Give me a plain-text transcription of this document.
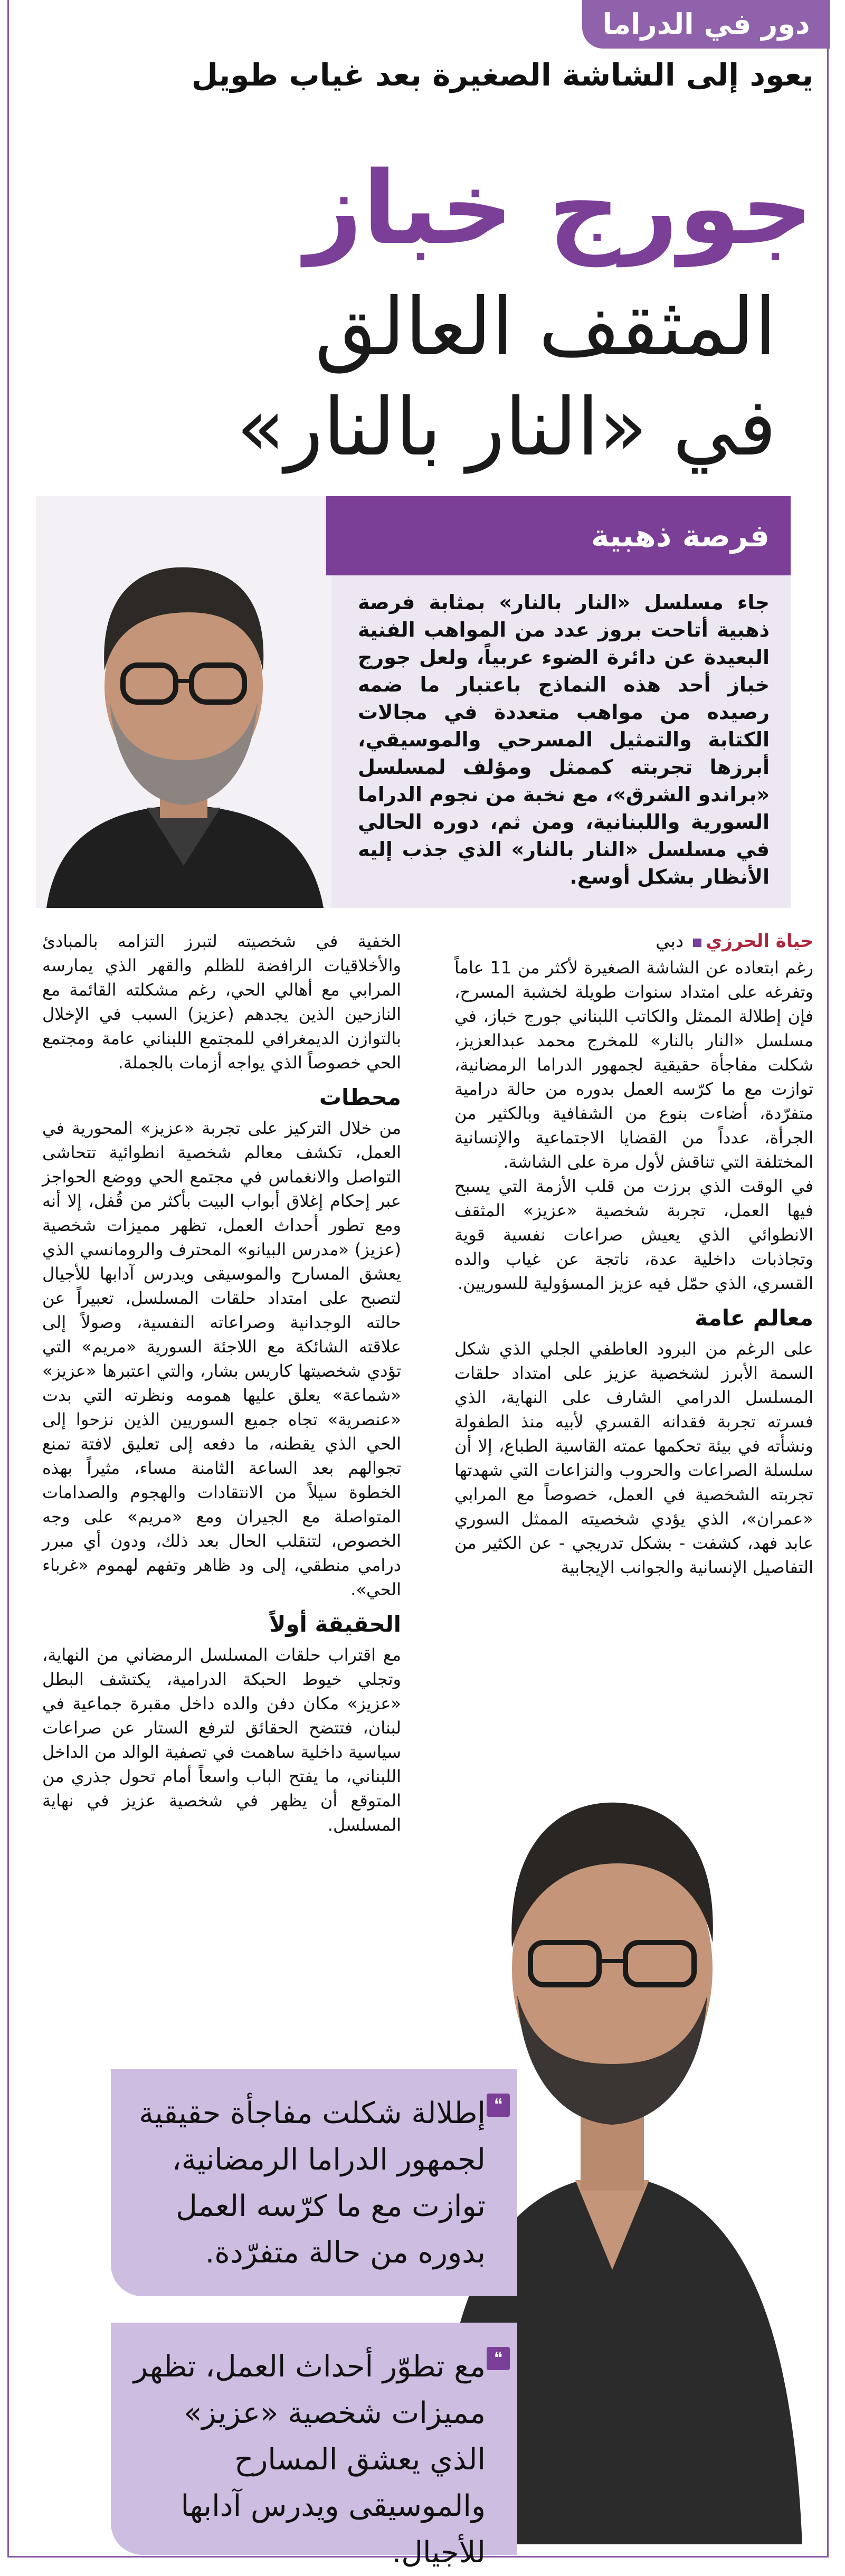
دور في الدراما
يعود إلى الشاشة الصغيرة بعد غياب طويل
جورج خباز
المثقف العالق
في «النار بالنار»
فرصة ذهبية
جاء مسلسل «النار بالنار» بمثابة فرصة ذهبية أتاحت بروز عدد من المواهب الفنية البعيدة عن دائرة الضوء عربياً، ولعل جورج خباز أحد هذه النماذج باعتبار ما ضمه رصيده من مواهب متعددة في مجالات الكتابة والتمثيل المسرحي والموسيقي، أبرزها تجربته كممثل ومؤلف لمسلسل «براندو الشرق»، مع نخبة من نجوم الدراما السورية واللبنانية، ومن ثم، دوره الحالي في مسلسل «النار بالنار» الذي جذب إليه الأنظار بشكل أوسع.
حياة الحرزيدبي

رغم ابتعاده عن الشاشة الصغيرة لأكثر من 11 عاماً وتفرغه على امتداد سنوات طويلة لخشبة المسرح، فإن إطلالة الممثل والكاتب اللبناني جورج خباز، في مسلسل «النار بالنار» للمخرج محمد عبدالعزيز، شكلت مفاجأة حقيقية لجمهور الدراما الرمضانية، توازت مع ما كرّسه العمل بدوره من حالة درامية متفرّدة، أضاءت بنوع من الشفافية وبالكثير من الجرأة، عدداً من القضايا الاجتماعية والإنسانية المختلفة التي تناقش لأول مرة على الشاشة.

في الوقت الذي برزت من قلب الأزمة التي يسبح فيها العمل، تجربة شخصية «عزيز» المثقف الانطوائي الذي يعيش صراعات نفسية قوية وتجاذبات داخلية عدة، ناتجة عن غياب والده القسري، الذي حمّل فيه عزيز المسؤولية للسوريين.

معالم عامة

على الرغم من البرود العاطفي الجلي الذي شكل السمة الأبرز لشخصية عزيز على امتداد حلقات المسلسل الدرامي الشارف على النهاية، الذي فسرته تجربة فقدانه القسري لأبيه منذ الطفولة ونشأته في بيئة تحكمها عمته القاسية الطباع، إلا أن سلسلة الصراعات والحروب والنزاعات التي شهدتها تجربته الشخصية في العمل، خصوصاً مع المرابي «عمران»، الذي يؤدي شخصيته الممثل السوري عابد فهد، كشفت - بشكل تدريجي - عن الكثير من التفاصيل الإنسانية والجوانب الإيجابية

الخفية في شخصيته لتبرز التزامه بالمبادئ والأخلاقيات الرافضة للظلم والقهر الذي يمارسه المرابي مع أهالي الحي، رغم مشكلته القائمة مع النازحين الذين يجدهم (عزيز) السبب في الإخلال بالتوازن الديمغرافي للمجتمع اللبناني عامة ومجتمع الحي خصوصاً الذي يواجه أزمات بالجملة.

محطات

من خلال التركيز على تجربة «عزيز» المحورية في العمل، تكشف معالم شخصية انطوائية تتحاشى التواصل والانغماس في مجتمع الحي ووضع الحواجز عبر إحكام إغلاق أبواب البيت بأكثر من قُفل، إلا أنه ومع تطور أحداث العمل، تظهر مميزات شخصية (عزيز) «مدرس البيانو» المحترف والرومانسي الذي يعشق المسارح والموسيقى ويدرس آدابها للأجيال لتصبح على امتداد حلقات المسلسل، تعبيراً عن حالته الوجدانية وصراعاته النفسية، وصولاً إلى علاقته الشائكة مع اللاجئة السورية «مريم» التي تؤدي شخصيتها كاريس بشار، والتي اعتبرها «عزيز» «شماعة» يعلق عليها همومه ونظرته التي بدت «عنصرية» تجاه جميع السوريين الذين نزحوا إلى الحي الذي يقطنه، ما دفعه إلى تعليق لافتة تمنع تجوالهم بعد الساعة الثامنة مساء، مثيراً بهذه الخطوة سيلاً من الانتقادات والهجوم والصدامات المتواصلة مع الجيران ومع «مريم» على وجه الخصوص، لتنقلب الحال بعد ذلك، ودون أي مبرر درامي منطقي، إلى ود ظاهر وتفهم لهموم «غرباء الحي».

الحقيقة أولاً

مع اقتراب حلقات المسلسل الرمضاني من النهاية، وتجلي خيوط الحبكة الدرامية، يكتشف البطل «عزيز» مكان دفن والده داخل مقبرة جماعية في لبنان، فتتضح الحقائق لترفع الستار عن صراعات سياسية داخلية ساهمت في تصفية الوالد من الداخل اللبناني، ما يفتح الباب واسعاً أمام تحول جذري من المتوقع أن يظهر في شخصية عزيز في نهاية المسلسل.

❝
إطلالة شكلت مفاجأة حقيقية لجمهور الدراما الرمضانية، توازت مع ما كرّسه العمل بدوره من حالة متفرّدة.
❝
مع تطوّر أحداث العمل، تظهر مميزات شخصية «عزيز» الذي يعشق المسارح والموسيقى ويدرس آدابها للأجيال.
